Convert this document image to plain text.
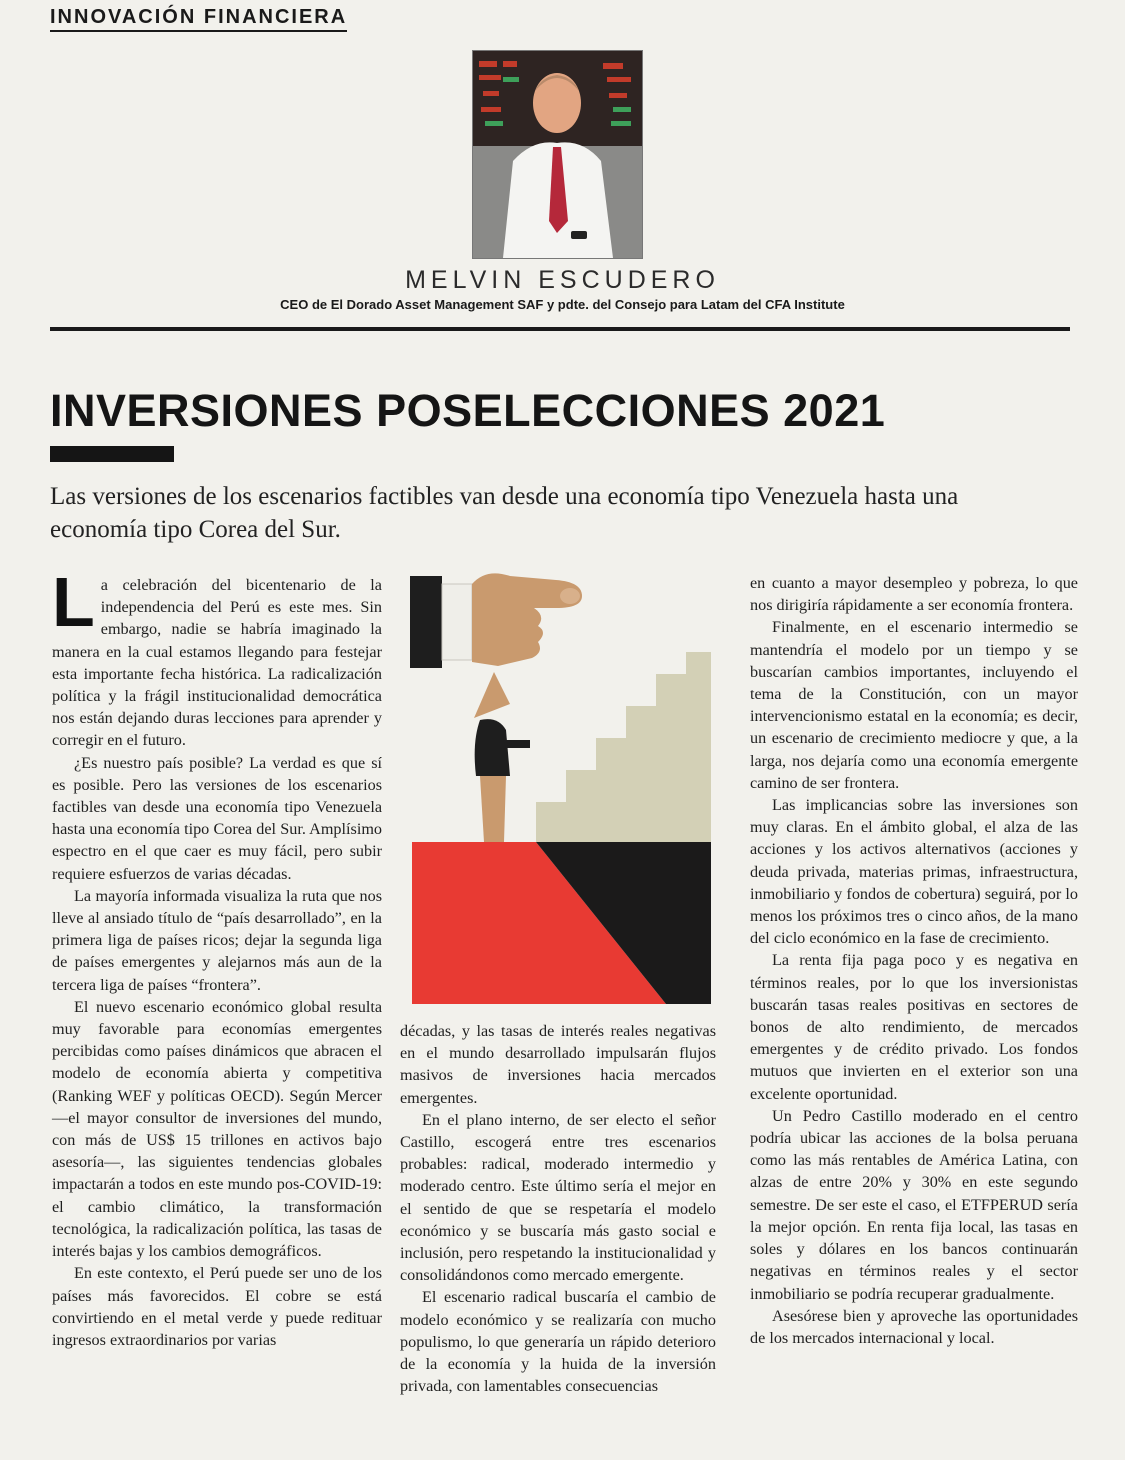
INNOVACIÓN FINANCIERA
MELVIN ESCUDERO
CEO de El Dorado Asset Management SAF y pdte. del Consejo para Latam del CFA Institute
INVERSIONES POSELECCIONES 2021
Las versiones de los escenarios factibles van desde una economía tipo Venezuela hasta una economía tipo Corea del Sur.

La celebración del bicentenario de la independencia del Perú es este mes. Sin embargo, nadie se habría imaginado la manera en la cual estamos llegando para festejar esta importante fecha histórica. La radicalización política y la frágil institucionalidad democrática nos están dejando duras lecciones para aprender y corregir en el futuro.

¿Es nuestro país posible? La verdad es que sí es posible. Pero las versiones de los escenarios factibles van desde una economía tipo Venezuela hasta una economía tipo Corea del Sur. Amplísimo espectro en el que caer es muy fácil, pero subir requiere esfuerzos de varias décadas.

La mayoría informada visualiza la ruta que nos lleve al ansiado título de “país desarrollado”, en la primera liga de países ricos; dejar la segunda liga de países emergentes y alejarnos más aun de la tercera liga de países “frontera”.

El nuevo escenario económico global resulta muy favorable para economías emergentes percibidas como países dinámicos que abracen el modelo de economía abierta y competitiva (Ranking WEF y políticas OECD). Según Mercer —el mayor consultor de inversiones del mundo, con más de US$ 15 trillones en activos bajo asesoría—, las siguientes tendencias globales impactarán a todos en este mundo pos-COVID-19: el cambio climático, la transformación tecnológica, la radicalización política, las tasas de interés bajas y los cambios demográficos.

En este contexto, el Perú puede ser uno de los países más favorecidos. El cobre se está convirtiendo en el metal verde y puede redituar ingresos extraordinarios por varias

décadas, y las tasas de interés reales negativas en el mundo desarrollado impulsarán flujos masivos de inversiones hacia mercados emergentes.

En el plano interno, de ser electo el señor Castillo, escogerá entre tres escenarios probables: radical, moderado intermedio y moderado centro. Este último sería el mejor en el sentido de que se respetaría el modelo económico y se buscaría más gasto social e inclusión, pero respetando la institucionalidad y consolidándonos como mercado emergente.

El escenario radical buscaría el cambio de modelo económico y se realizaría con mucho populismo, lo que generaría un rápido deterioro de la economía y la huida de la inversión privada, con lamentables consecuencias

en cuanto a mayor desempleo y pobreza, lo que nos dirigiría rápidamente a ser economía frontera.

Finalmente, en el escenario intermedio se mantendría el modelo por un tiempo y se buscarían cambios importantes, incluyendo el tema de la Constitución, con un mayor intervencionismo estatal en la economía; es decir, un escenario de crecimiento mediocre y que, a la larga, nos dejaría como una economía emergente camino de ser frontera.

Las implicancias sobre las inversiones son muy claras. En el ámbito global, el alza de las acciones y los activos alternativos (acciones y deuda privada, materias primas, infraestructura, inmobiliario y fondos de cobertura) seguirá, por lo menos los próximos tres o cinco años, de la mano del ciclo económico en la fase de crecimiento.

La renta fija paga poco y es negativa en términos reales, por lo que los inversionistas buscarán tasas reales positivas en sectores de bonos de alto rendimiento, de mercados emergentes y de crédito privado. Los fondos mutuos que invierten en el exterior son una excelente oportunidad.

Un Pedro Castillo moderado en el centro podría ubicar las acciones de la bolsa peruana como las más rentables de América Latina, con alzas de entre 20% y 30% en este segundo semestre. De ser este el caso, el ETFPERUD sería la mejor opción. En renta fija local, las tasas en soles y dólares en los bancos continuarán negativas en términos reales y el sector inmobiliario se podría recuperar gradualmente.

Asesórese bien y aproveche las oportunidades de los mercados internacional y local.
